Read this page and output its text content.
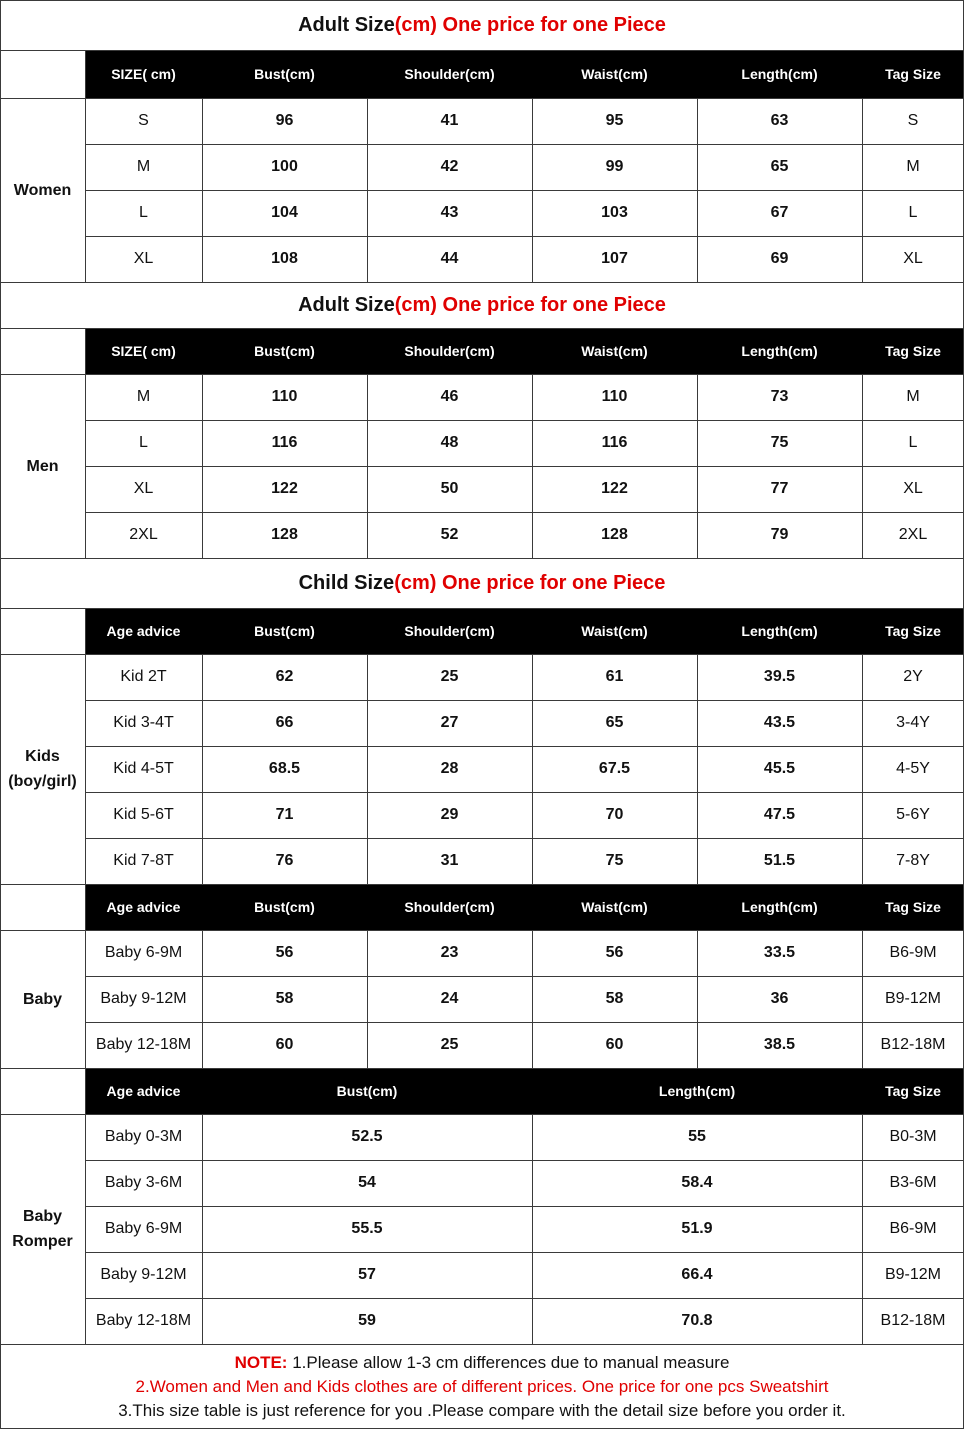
Adult Size (cm) One price for one Piece
SIZE( cm)	Bust(cm)	Shoulder(cm)	Waist(cm)	Length(cm)	Tag Size
S	96	41	95	63	S
M	100	42	99	65	M
L	104	43	103	67	L
XL	108	44	107	69	XL
Women
Adult Size (cm) One price for one Piece
SIZE( cm)	Bust(cm)	Shoulder(cm)	Waist(cm)	Length(cm)	Tag Size
M	110	46	110	73	M
L	116	48	116	75	L
XL	122	50	122	77	XL
2XL	128	52	128	79	2XL
Men
Child Size (cm) One price for one Piece
Age advice	Bust(cm)	Shoulder(cm)	Waist(cm)	Length(cm)	Tag Size
Kid 2T	62	25	61	39.5	2Y
Kid 3-4T	66	27	65	43.5	3-4Y
Kid 4-5T	68.5	28	67.5	45.5	4-5Y
Kid 5-6T	71	29	70	47.5	5-6Y
Kid 7-8T	76	31	75	51.5	7-8Y
Kids
(boy/girl)
Age advice	Bust(cm)	Shoulder(cm)	Waist(cm)	Length(cm)	Tag Size
Baby 6-9M	56	23	56	33.5	B6-9M
Baby 9-12M	58	24	58	36	B9-12M
Baby 12-18M	60	25	60	38.5	B12-18M
Baby
Age advice	Bust(cm)	Length(cm)	Tag Size
Baby 0-3M	52.5	55	B0-3M
Baby 3-6M	54	58.4	B3-6M
Baby 6-9M	55.5	51.9	B6-9M
Baby 9-12M	57	66.4	B9-12M
Baby 12-18M	59	70.8	B12-18M
Baby
Romper
NOTE: 1.Please allow 1-3 cm differences due to manual measure
2.Women and Men and Kids clothes are of different prices. One price for one pcs Sweatshirt
3.This size table is just reference for you .Please compare with the detail size before you order it.
